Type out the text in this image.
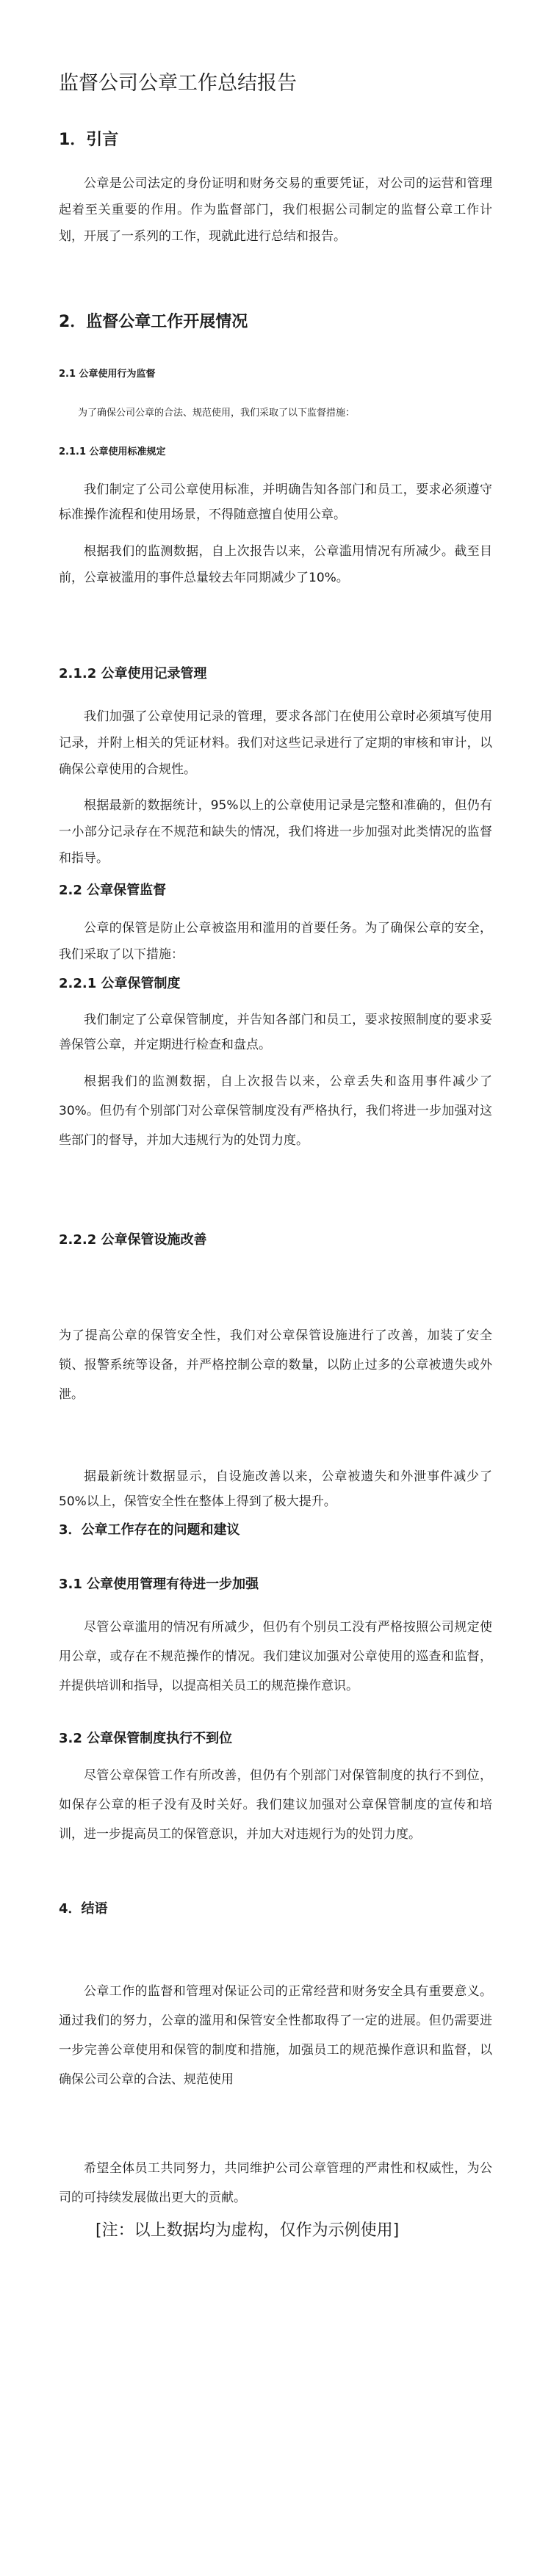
监督公司公章工作总结报告
1．引言

公章是公司法定的身份证明和财务交易的重要凭证，对公司的运营和管理起着至关重要的作用。作为监督部门，我们根据公司制定的监督公章工作计划，开展了一系列的工作，现就此进行总结和报告。

2．监督公章工作开展情况
2.1 公章使用行为监督

为了确保公司公章的合法、规范使用，我们采取了以下监督措施：

2.1.1 公章使用标准规定

我们制定了公司公章使用标准，并明确告知各部门和员工，要求必须遵守标准操作流程和使用场景，不得随意擅自使用公章。

根据我们的监测数据，自上次报告以来，公章滥用情况有所减少。截至目前，公章被滥用的事件总量较去年同期减少了10%。

2.1.2 公章使用记录管理

我们加强了公章使用记录的管理，要求各部门在使用公章时必须填写使用记录，并附上相关的凭证材料。我们对这些记录进行了定期的审核和审计，以确保公章使用的合规性。

根据最新的数据统计，95%以上的公章使用记录是完整和准确的，但仍有一小部分记录存在不规范和缺失的情况，我们将进一步加强对此类情况的监督和指导。

2.2 公章保管监督

公章的保管是防止公章被盗用和滥用的首要任务。为了确保公章的安全，我们采取了以下措施：

2.2.1 公章保管制度

我们制定了公章保管制度，并告知各部门和员工，要求按照制度的要求妥善保管公章，并定期进行检查和盘点。

根据我们的监测数据，自上次报告以来，公章丢失和盗用事件减少了 30%。但仍有个别部门对公章保管制度没有严格执行，我们将进一步加强对这些部门的督导，并加大违规行为的处罚力度。

2.2.2 公章保管设施改善

为了提高公章的保管安全性，我们对公章保管设施进行了改善，加装了安全锁、报警系统等设备，并严格控制公章的数量，以防止过多的公章被遗失或外泄。

据最新统计数据显示，自设施改善以来，公章被遗失和外泄事件减少了 50%以上，保管安全性在整体上得到了极大提升。

3．公章工作存在的问题和建议
3.1 公章使用管理有待进一步加强

尽管公章滥用的情况有所减少，但仍有个别员工没有严格按照公司规定使用公章，或存在不规范操作的情况。我们建议加强对公章使用的巡查和监督，并提供培训和指导，以提高相关员工的规范操作意识。

3.2 公章保管制度执行不到位

尽管公章保管工作有所改善，但仍有个别部门对保管制度的执行不到位，如保存公章的柜子没有及时关好。我们建议加强对公章保管制度的宣传和培训，进一步提高员工的保管意识，并加大对违规行为的处罚力度。

4．结语

公章工作的监督和管理对保证公司的正常经营和财务安全具有重要意义。通过我们的努力，公章的滥用和保管安全性都取得了一定的进展。但仍需要进一步完善公章使用和保管的制度和措施，加强员工的规范操作意识和监督，以确保公司公章的合法、规范使用

希望全体员工共同努力，共同维护公司公章管理的严肃性和权威性，为公司的可持续发展做出更大的贡献。

[注：以上数据均为虚构，仅作为示例使用]
